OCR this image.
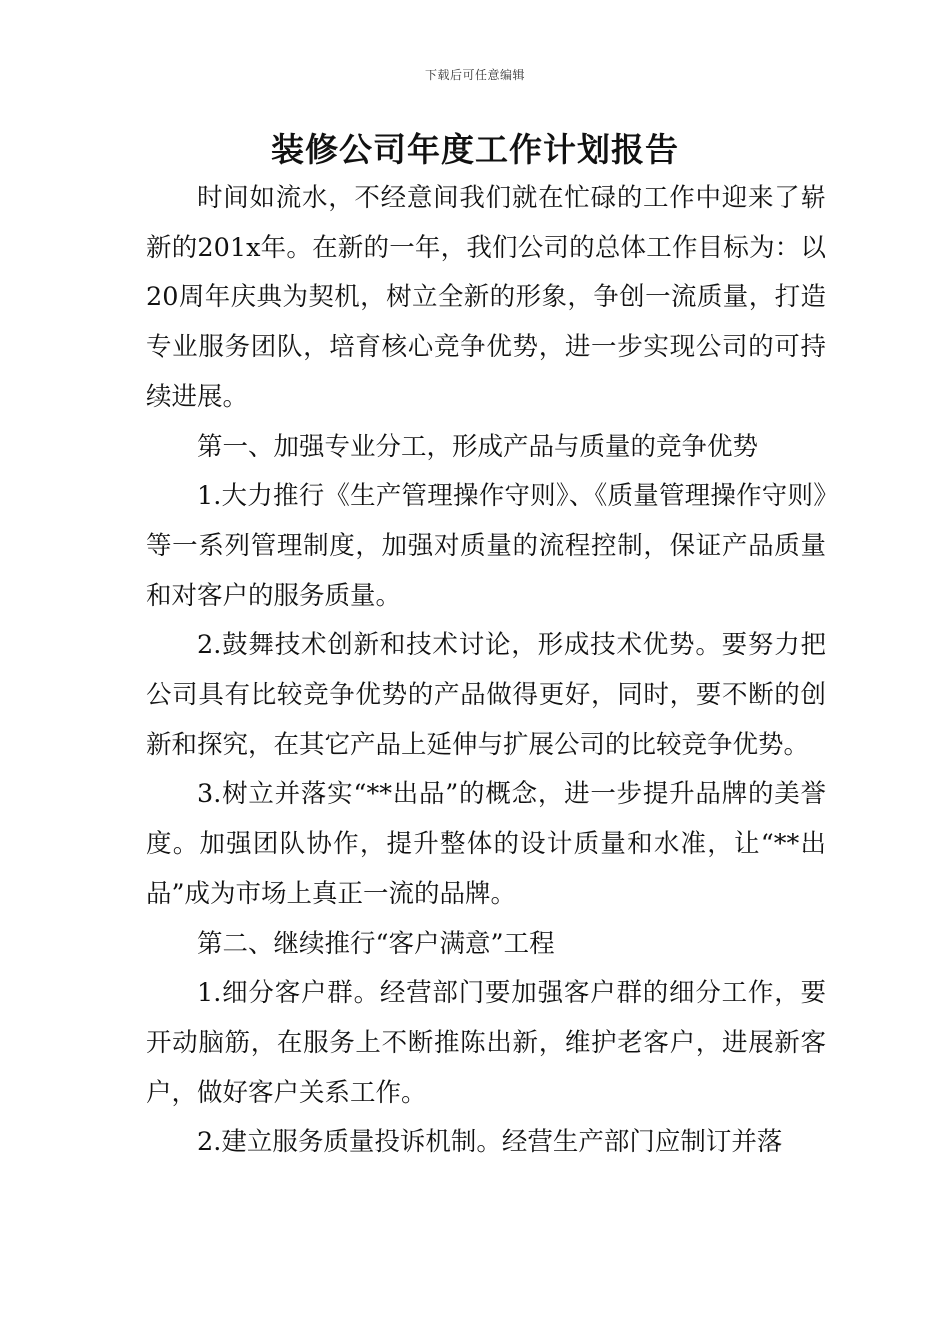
下载后可任意编辑
装修公司年度工作计划报告

时间如流水，不经意间我们就在忙碌的工作中迎来了崭新的201x年。在新的一年，我们公司的总体工作目标为：以20周年庆典为契机，树立全新的形象，争创一流质量，打造专业服务团队，培育核心竞争优势，进一步实现公司的可持续进展。

第一、加强专业分工，形成产品与质量的竞争优势

1.大力推行《生产管理操作守则》、《质量管理操作守则》等一系列管理制度，加强对质量的流程控制，保证产品质量和对客户的服务质量。

2.鼓舞技术创新和技术讨论，形成技术优势。要努力把公司具有比较竞争优势的产品做得更好，同时，要不断的创新和探究，在其它产品上延伸与扩展公司的比较竞争优势。

3.树立并落实“**出品”的概念，进一步提升品牌的美誉度。加强团队协作，提升整体的设计质量和水准，让“**出品”成为市场上真正一流的品牌。

第二、继续推行“客户满意”工程

1.细分客户群。经营部门要加强客户群的细分工作，要开动脑筋，在服务上不断推陈出新，维护老客户，进展新客户，做好客户关系工作。

2.建立服务质量投诉机制。经营生产部门应制订并落
